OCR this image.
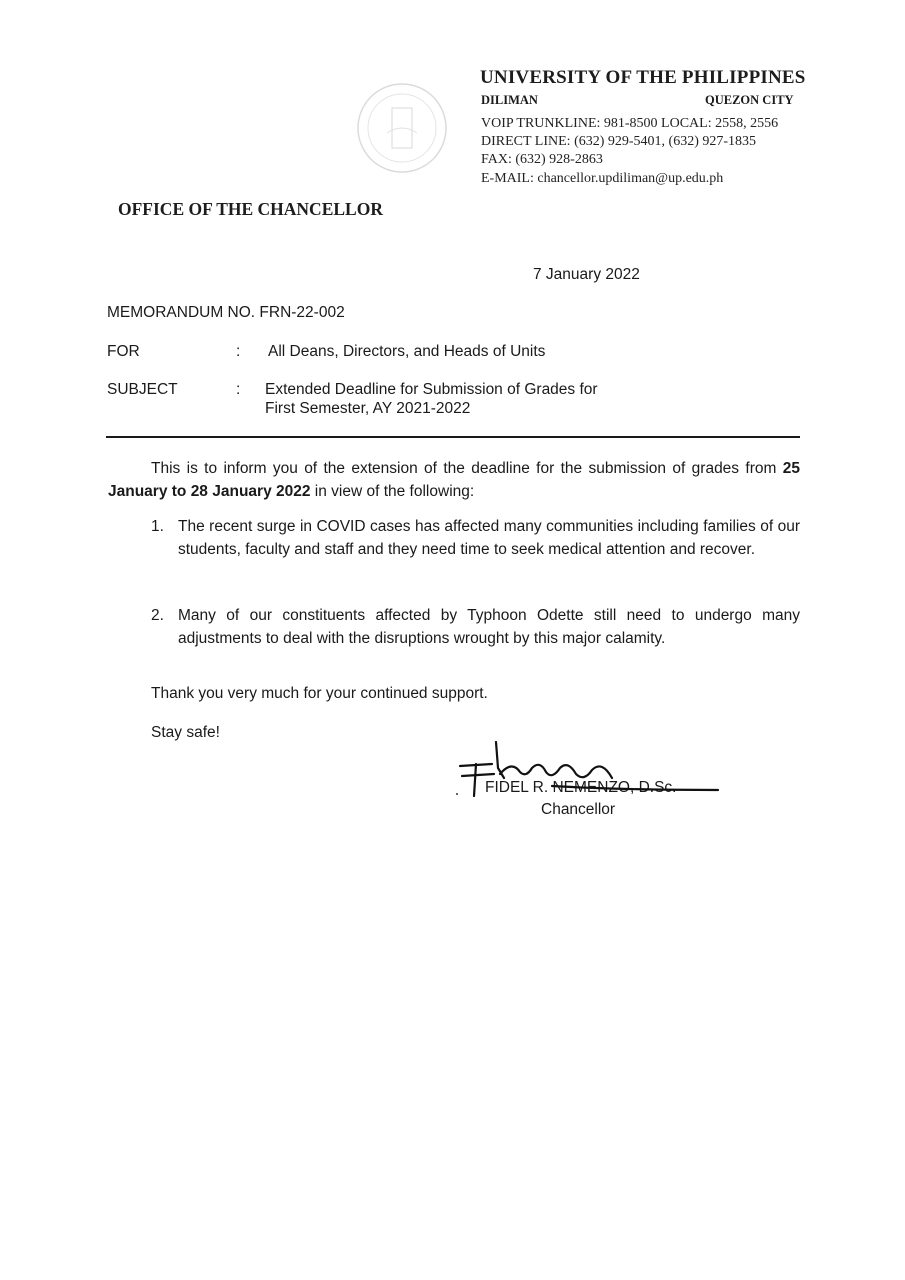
UNIVERSITY OF THE PHILIPPINES
DILIMAN	QUEZON CITY
VOIP TRUNKLINE: 981-8500 LOCAL: 2558, 2556
DIRECT LINE: (632) 929-5401, (632) 927-1835
FAX: (632) 928-2863
E-MAIL: chancellor.updiliman@up.edu.ph
OFFICE OF THE CHANCELLOR
7 January 2022
MEMORANDUM NO. FRN-22-002
FOR	: All Deans, Directors, and Heads of Units
SUBJECT	: Extended Deadline for Submission of Grades for
First Semester, AY 2021-2022
This is to inform you of the extension of the deadline for the submission of grades from 25 January to 28 January 2022 in view of the following:
1. The recent surge in COVID cases has affected many communities including families of our students, faculty and staff and they need time to seek medical attention and recover.
2. Many of our constituents affected by Typhoon Odette still need to undergo many adjustments to deal with the disruptions wrought by this major calamity.
Thank you very much for your continued support.
Stay safe!
FIDEL R. NEMENZO, D.Sc.
Chancellor
